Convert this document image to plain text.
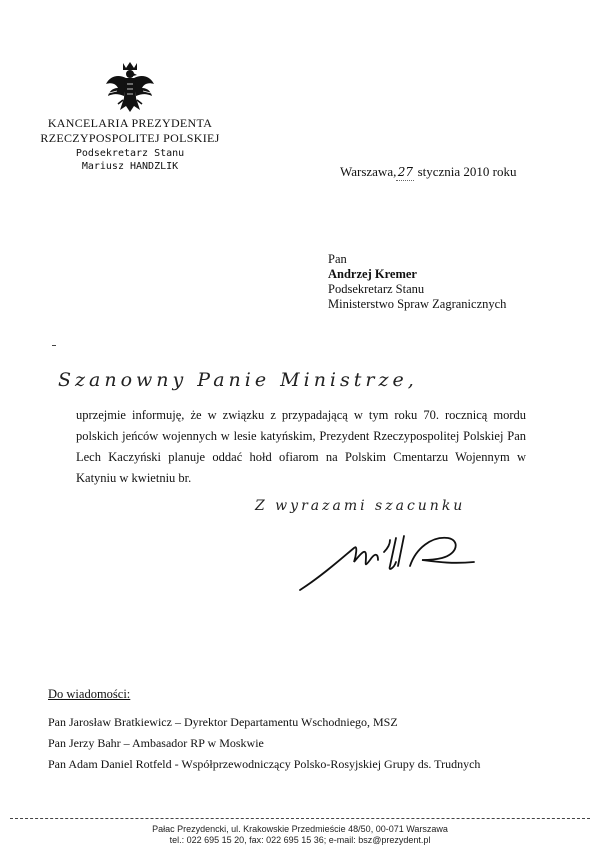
KANCELARIA PREZYDENTA
RZECZYPOSPOLITEJ POLSKIEJ
Podsekretarz Stanu
Mariusz HANDZLIK	Warszawa,27 stycznia 2010 roku
Pan
Andrzej Kremer
Podsekretarz Stanu
Ministerstwo Spraw Zagranicznych
Szanowny Panie Ministrze,

uprzejmie informuję, że w związku z przypadającą w tym roku 70. rocznicą mordu polskich jeńców wojennych w lesie katyńskim, Prezydent Rzeczypospolitej Polskiej Pan Lech Kaczyński planuje oddać hołd ofiarom na Polskim Cmentarzu Wojennym w Katyniu w kwietniu br.

Z wyrazami szacunku
Do wiadomości:
Pan Jarosław Bratkiewicz – Dyrektor Departamentu Wschodniego, MSZ
Pan Jerzy Bahr – Ambasador RP w Moskwie
Pan Adam Daniel Rotfeld - Współprzewodniczący Polsko-Rosyjskiej Grupy ds. Trudnych
Pałac Prezydencki, ul. Krakowskie Przedmieście 48/50, 00-071 Warszawa
tel.: 022 695 15 20, fax: 022 695 15 36; e-mail: bsz@prezydent.pl
